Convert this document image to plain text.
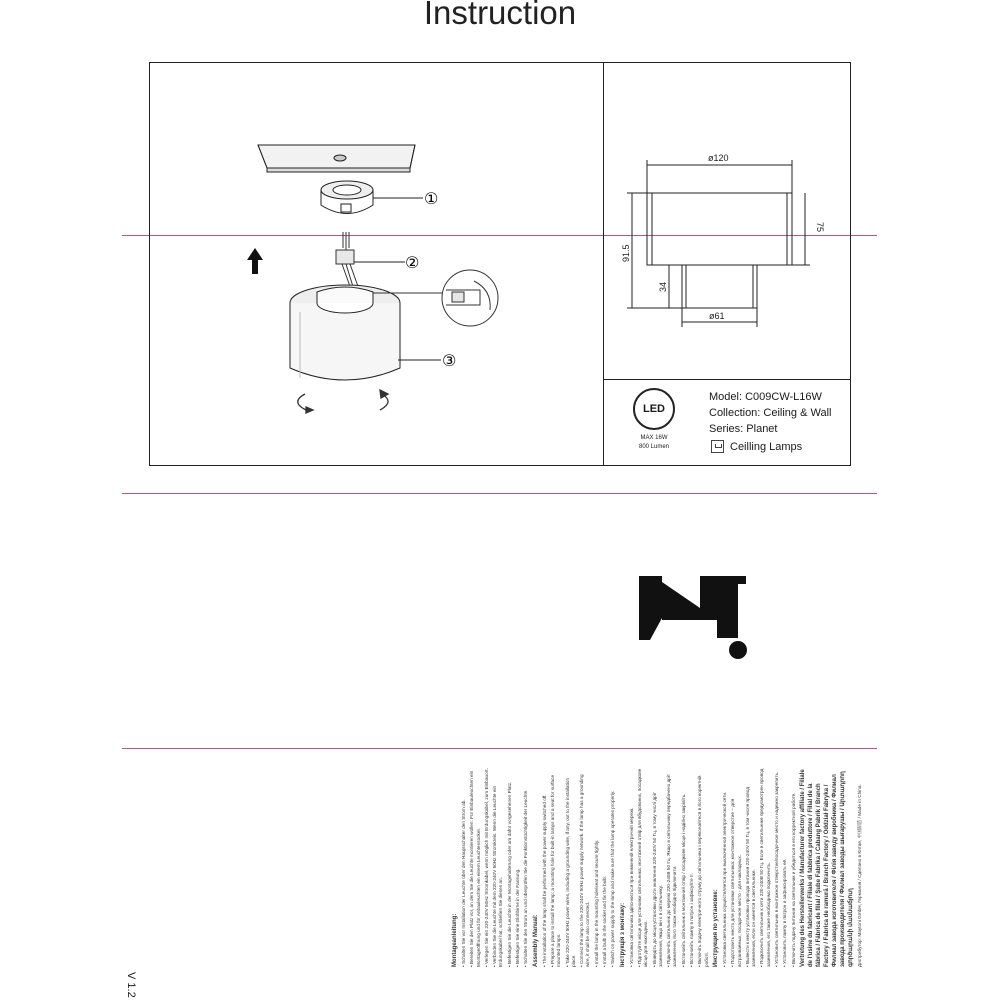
Instruction
①
②
③
ø120
ø61
91.5
75
34
LED
MAX 16W
800 Lumen
Model: C009CW-L16W
Collection: Ceiling & Wall
Series: Planet
Ceilling Lamps

Montageanleitung: • Schalten Sie vor Installation der Leuchte über den Hauptschalter den Strom ab. • Bereiten Sie den Platz vor, an dem Sie die Leuchte montieren wollen: Für Einbauleuchten ein Montageöffnung und für Anbauleuchten ein einem Leuchtensockel. • Verlegen Sie ein 220-240V 50Hz Stromkabel, wenn möglich mit Erdungskabel, zum Einbauort. • Verbinden Sie die Leuchte mit dem 220-240V 50Hz Stromkreis. Wenn die Leuchte ein Erdungskabel hat, schließen Sie dieses an. • Befestigen Sie die Leuchte in der Montagehalterung oder am dafür vorgesehenen Platz. • Befestigen Sie eine Glühbirne in der Fassung. • Schalten Sie den Strom an und überprüfen Sie die Funktionstüchtigkeit der Leuchte. Assembly Manual: • The installation of the lamp shall be performed with the power supply switched off. • Prepare a place to install the lamp: a mounting hole for built-in lamps and a seat for surface mounted lamps. • Take 220-240V 50Hz power wires, including a grounding wire, if any, out to the installation place. • Connect the lamp to the 220-240V 50Hz power supply network. If the lamp has a grounding wire, it shall be also connected. • Install the lamp in the mounting hole/seat and secure tightly. • Install a bulb in the socket and fix the bulb. • Switch on power supply to the lamp and make sure that the lamp operates properly. Інструкція з монтажу: • Установка світильника здійснюється при вимкненій електричній мережі. • Підготуйте місце для установки світильника: монтажний отвір для вбудованих, посадкове місце для накладних. • Виведіть до місця установки дроти живлення 220-240V 50 Гц, в тому числі дріт заземлення, якщо він є в світильнику. • Підключіть світильник до мережі 220-240В 50 Гц. Якщо в світильнику передбачено дріт заземлення, його також необхідно підключити. • Встановіть світильник в монтажний отвір / посадкове місце і надійно закріпіть. • Встановіть лампу в патрон і зафіксуйте її. • Включіть подачу електричного струму до світильника і переконайтеся в його коректній роботі. Инструкция по установке: • Установка светильника осуществляется при выключенной электрической сети. • Подготовить место для установки светильника: монтажное отверстие – для встраиваемых, посадочное место - для накладных. • Вывести к месту установки провода питания 220-240V 50 Гц, в том числе провод заземления, если он имеется в светильнике. • Подключить светильник к сети 220-240В 50 Гц. Если в светильнике предусмотрен провод заземления, его также необходимо подключить. • Установить светильник в монтажное отверстие/посадочное место и надежно закрепить. • Установить лампу в патрон и зафиксировать её. • Включить подачу питания на светильник и убедиться в его корректной работе. Vertretung des Herstellerwerks / Manufacturer factory affiliate / Filiale de l'usine du fabricant / Filiale di fabbrica produttore / Filial de la fábrica / Fábrica de filial / Şube Fabrika / Cabang Pabrik / Branch Factory / Fabrica de ramură / Branch Factory / Oddział Fabryka / Филиал завода изготовителя / Філія заводу виробника / Филиал завода производителя / Филиал заводы шығарушы / Արտադրող գործարանի մասնաճյուղ Дистрибутор: Maytoni GmbH, Германия / Сделано в Китае, 中国制造 / Made in China.

V 1.2
